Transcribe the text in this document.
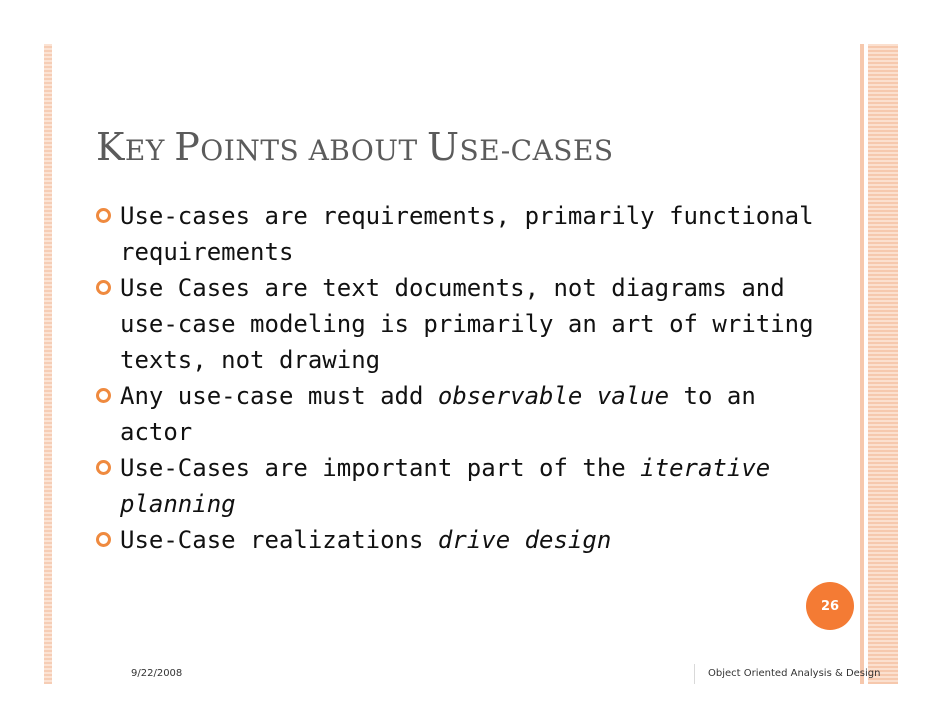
KEY POINTS ABOUT USE-CASES
Use-cases are requirements, primarily functional requirements
Use Cases are text documents, not diagrams and use-case modeling is primarily an art of writing texts, not drawing
Any use-case must add observable value to an actor
Use-Cases are important part of the iterative planning
Use-Case realizations drive design
26
9/22/2008	Object Oriented Analysis & Design
